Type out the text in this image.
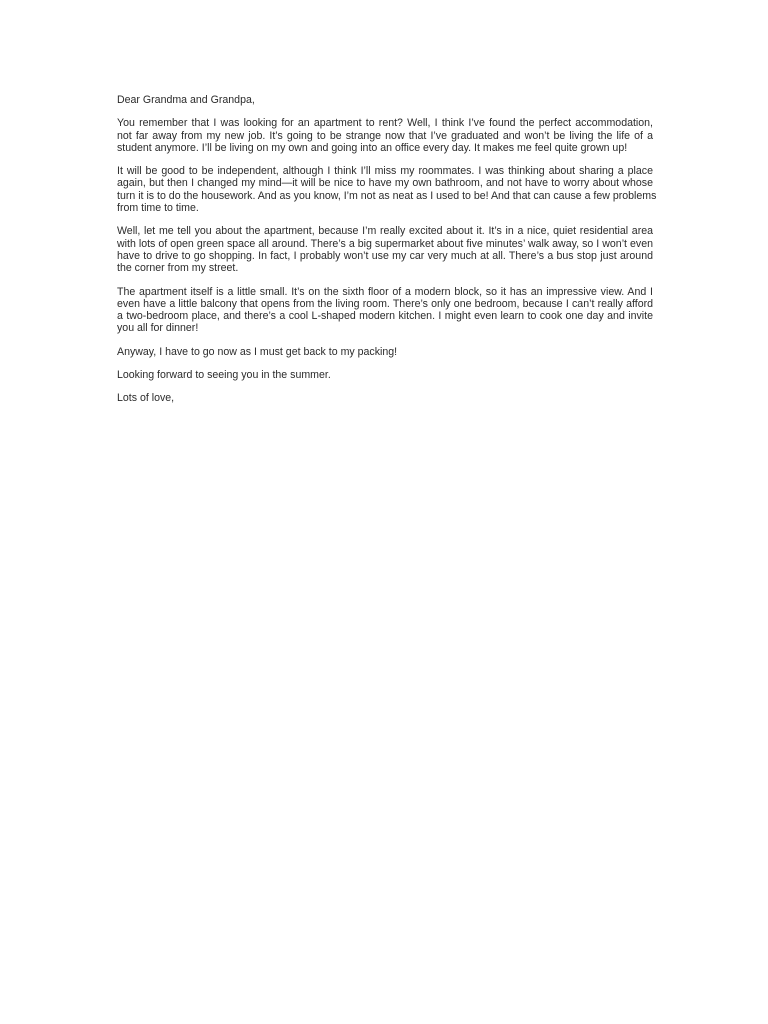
Dear Grandma and Grandpa,

You remember that I was looking for an apartment to rent? Well, I think I’ve found the perfect accommodation,
not far away from my new job. It’s going to be strange now that I’ve graduated and won’t be living the life of a
student anymore. I’ll be living on my own and going into an office every day. It makes me feel quite grown up!

It will be good to be independent, although I think I’ll miss my roommates. I was thinking about sharing a place
again, but then I changed my mind—it will be nice to have my own bathroom, and not have to worry about whose
turn it is to do the housework. And as you know, I’m not as neat as I used to be! And that can cause a few problems
from time to time.

Well, let me tell you about the apartment, because I’m really excited about it. It’s in a nice, quiet residential area
with lots of open green space all around. There’s a big supermarket about five minutes’ walk away, so I won’t even
have to drive to go shopping. In fact, I probably won’t use my car very much at all. There’s a bus stop just around
the corner from my street.

The apartment itself is a little small. It’s on the sixth floor of a modern block, so it has an impressive view. And I
even have a little balcony that opens from the living room. There’s only one bedroom, because I can’t really afford
a two-bedroom place, and there’s a cool L-shaped modern kitchen. I might even learn to cook one day and invite
you all for dinner!

Anyway, I have to go now as I must get back to my packing!

Looking forward to seeing you in the summer.

Lots of love,
